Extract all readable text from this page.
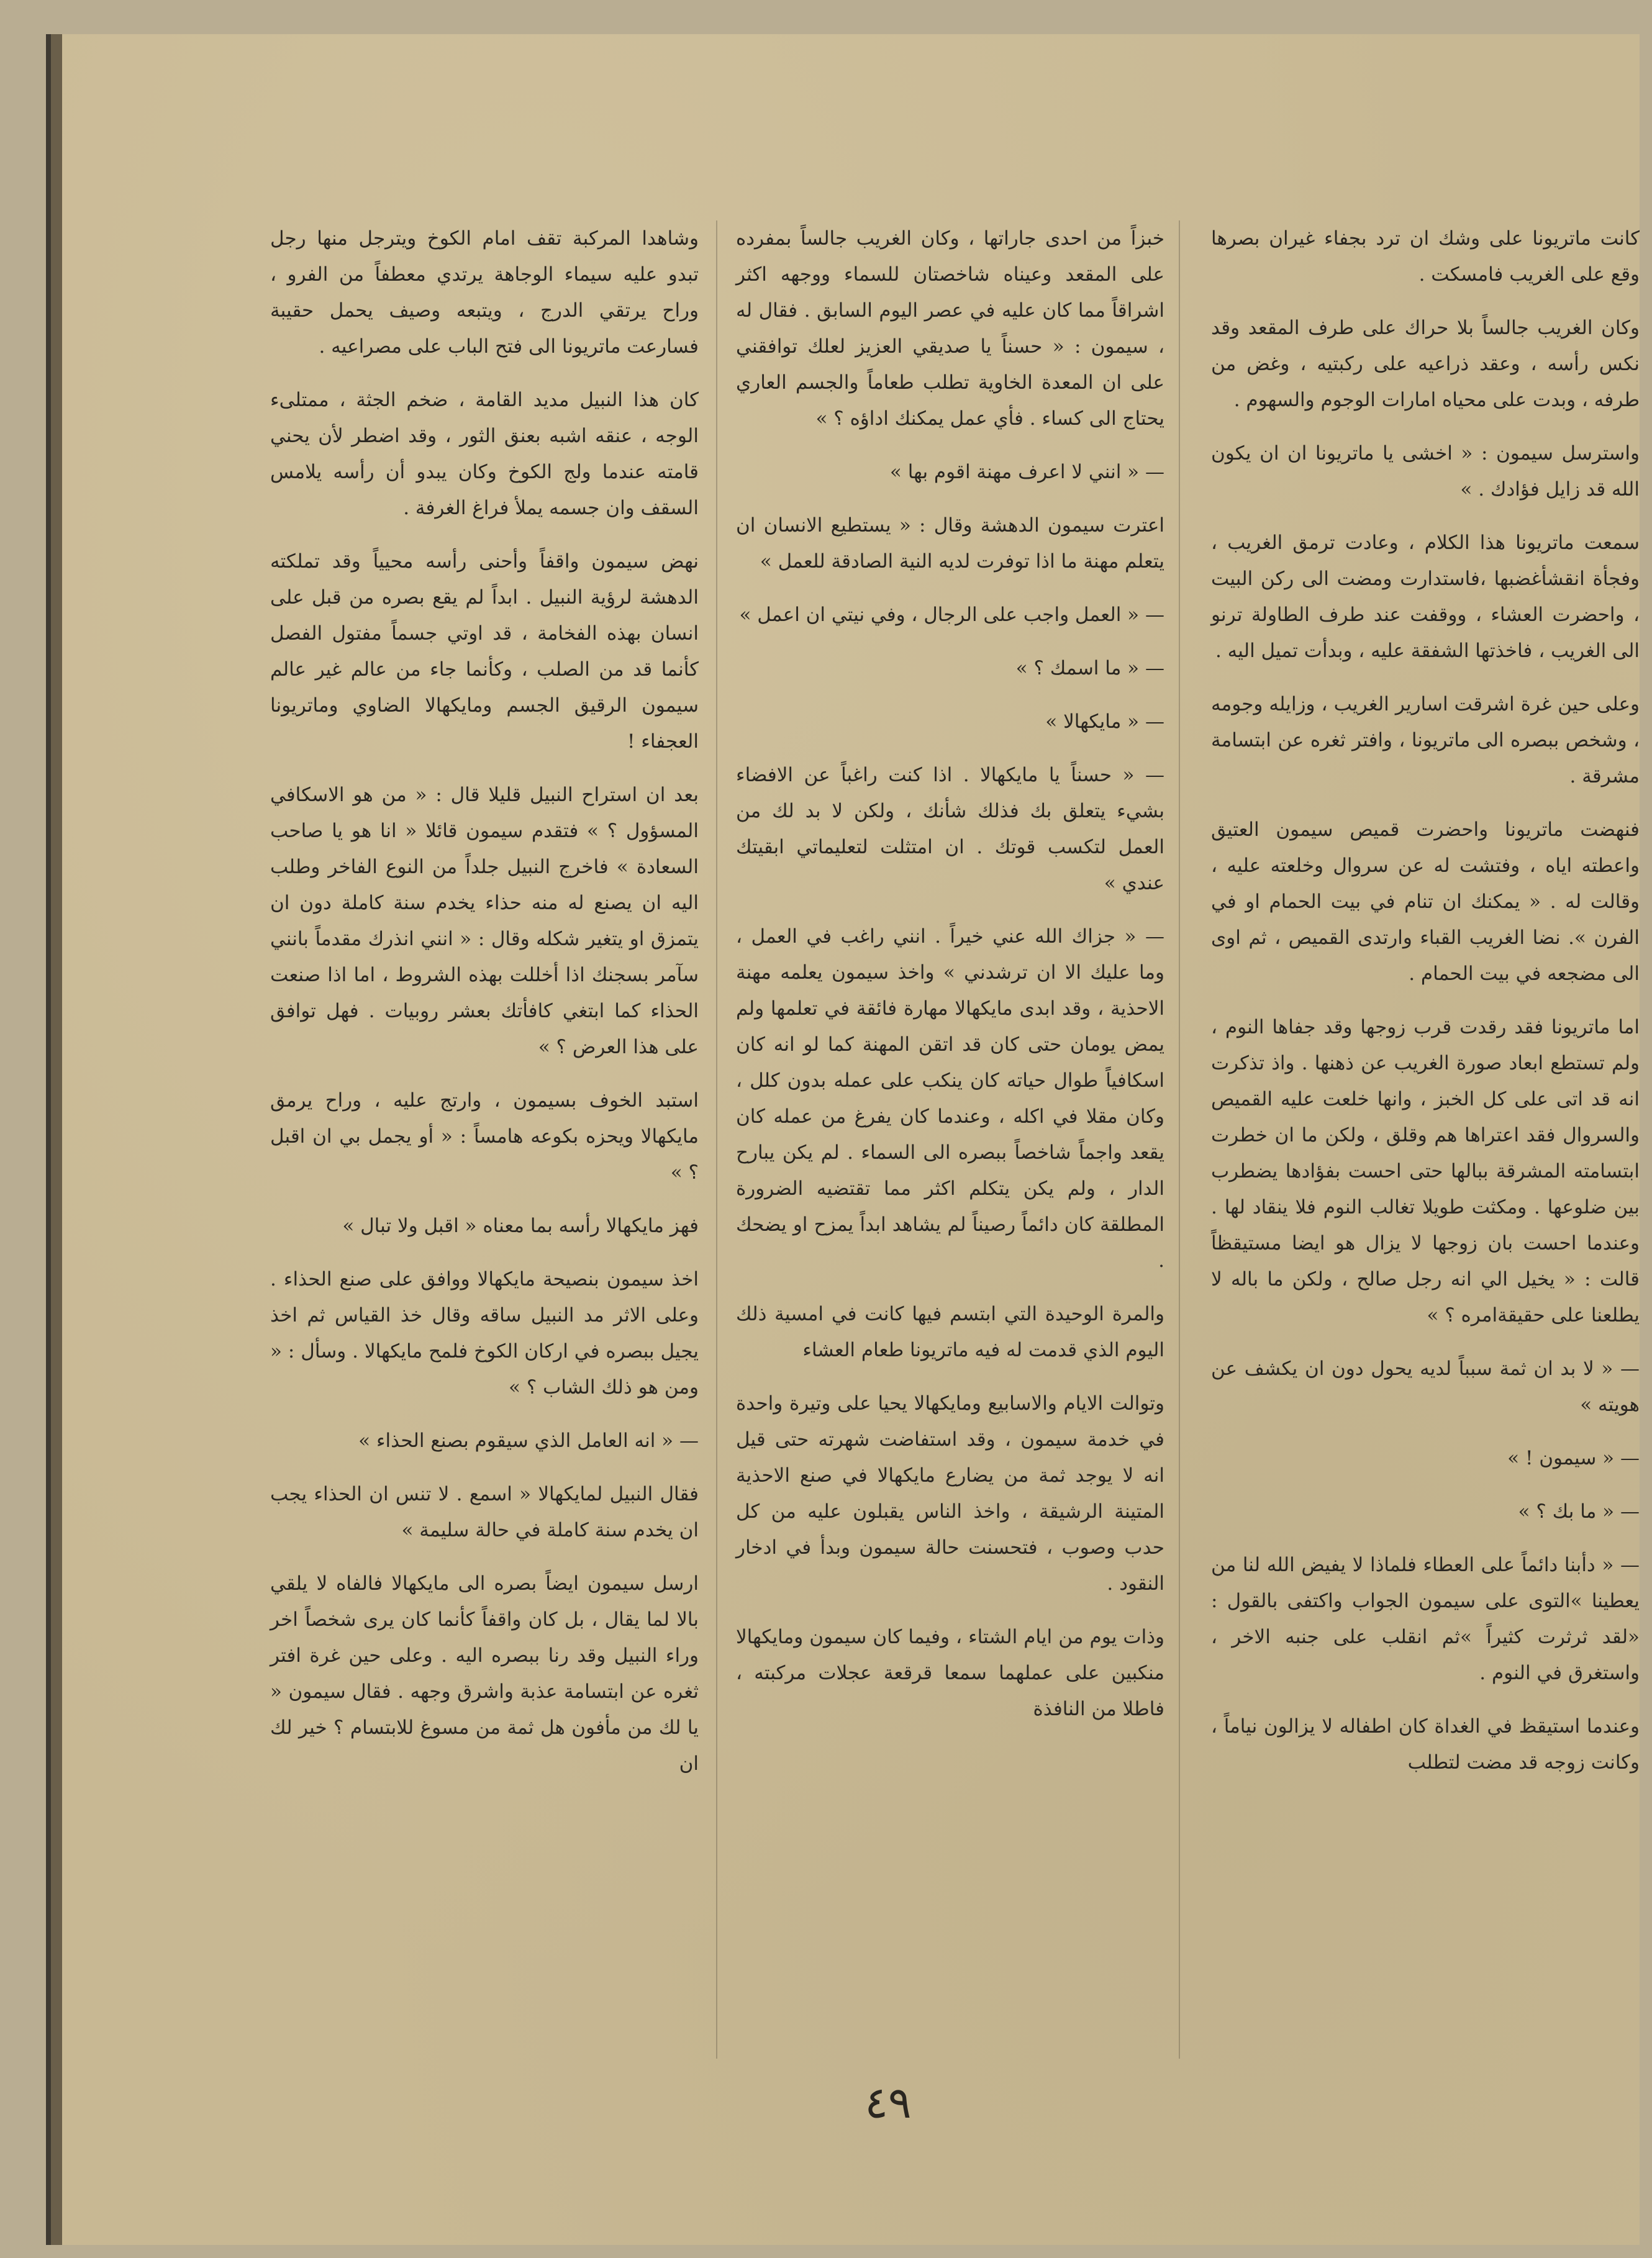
كانت ماتريونا على وشك ان ترد بجفاء غيران بصرها وقع على الغريب فامسكت .

وكان الغريب جالساً بلا حراك على طرف المقعد وقد نكس رأسه ، وعقد ذراعيه على ركبتيه ، وغض من طرفه ، وبدت على محياه امارات الوجوم والسهوم .

واسترسل سيمون : « اخشى يا ماتريونا ان ان يكون الله قد زايل فؤادك . »

سمعت ماتريونا هذا الكلام ، وعادت ترمق الغريب ، وفجأة انقشأغضبها ،فاستدارت ومضت الى ركن البيت ، واحضرت العشاء ، ووقفت عند طرف الطاولة ترنو الى الغريب ، فاخذتها الشفقة عليه ، وبدأت تميل اليه .

وعلى حين غرة اشرقت اسارير الغريب ، وزايله وجومه ، وشخص ببصره الى ماتريونا ، وافتر ثغره عن ابتسامة مشرقة .

فنهضت ماتريونا واحضرت قميص سيمون العتيق واعطته اياه ، وفتشت له عن سروال وخلعته عليه ، وقالت له . « يمكنك ان تنام في بيت الحمام او في الفرن ». نضا الغريب القباء وارتدى القميص ، ثم اوى الى مضجعه في بيت الحمام .

اما ماتريونا فقد رقدت قرب زوجها وقد جفاها النوم ، ولم تستطع ابعاد صورة الغريب عن ذهنها . واذ تذكرت انه قد اتى على كل الخبز ، وانها خلعت عليه القميص والسروال فقد اعتراها هم وقلق ، ولكن ما ان خطرت ابتسامته المشرقة ببالها حتى احست بفؤادها يضطرب بين ضلوعها . ومكثت طويلا تغالب النوم فلا ينقاد لها . وعندما احست بان زوجها لا يزال هو ايضا مستيقظاً قالت : « يخيل الي انه رجل صالح ، ولكن ما باله لا يطلعنا على حقيقةامره ؟ »

— « لا بد ان ثمة سبباً لديه يحول دون ان يكشف عن هويته »

— « سيمون ! »

— « ما بك ؟ »

— « دأبنا دائماً على العطاء فلماذا لا يفيض الله لنا من يعطينا »التوى على سيمون الجواب واكتفى بالقول : «لقد ثرثرت كثيراً »ثم انقلب على جنبه الاخر ، واستغرق في النوم .

وعندما استيقظ في الغداة كان اطفاله لا يزالون نياماً ، وكانت زوجه قد مضت لتطلب

خبزاً من احدى جاراتها ، وكان الغريب جالساً بمفرده على المقعد وعيناه شاخصتان للسماء ووجهه اكثر اشراقاً مما كان عليه في عصر اليوم السابق . فقال له ، سيمون : « حسناً يا صديقي العزيز لعلك توافقني على ان المعدة الخاوية تطلب طعاماً والجسم العاري يحتاج الى كساء . فأي عمل يمكنك اداؤه ؟ »

— « انني لا اعرف مهنة اقوم بها »

اعترت سيمون الدهشة وقال : « يستطيع الانسان ان يتعلم مهنة ما اذا توفرت لديه النية الصادقة للعمل »

— « العمل واجب على الرجال ، وفي نيتي ان اعمل »

— « ما اسمك ؟ »

— « مايكهالا »

— « حسناً يا مايكهالا . اذا كنت راغباً عن الافضاء بشيء يتعلق بك فذلك شأنك ، ولكن لا بد لك من العمل لتكسب قوتك . ان امتثلت لتعليماتي ابقيتك عندي »

— « جزاك الله عني خيراً . انني راغب في العمل ، وما عليك الا ان ترشدني » واخذ سيمون يعلمه مهنة الاحذية ، وقد ابدى مايكهالا مهارة فائقة في تعلمها ولم يمض يومان حتى كان قد اتقن المهنة كما لو انه كان اسكافياً طوال حياته كان ينكب على عمله بدون كلل ، وكان مقلا في اكله ، وعندما كان يفرغ من عمله كان يقعد واجماً شاخصاً ببصره الى السماء . لم يكن يبارح الدار ، ولم يكن يتكلم اكثر مما تقتضيه الضرورة المطلقة كان دائماً رصيناً لم يشاهد ابداً يمزح او يضحك .

والمرة الوحيدة التي ابتسم فيها كانت في امسية ذلك اليوم الذي قدمت له فيه ماتريونا طعام العشاء

وتوالت الايام والاسابيع ومايكهالا يحيا على وتيرة واحدة في خدمة سيمون ، وقد استفاضت شهرته حتى قيل انه لا يوجد ثمة من يضارع مايكهالا في صنع الاحذية المتينة الرشيقة ، واخذ الناس يقبلون عليه من كل حدب وصوب ، فتحسنت حالة سيمون وبدأ في ادخار النقود .

وذات يوم من ايام الشتاء ، وفيما كان سيمون ومايكهالا منكبين على عملهما سمعا قرقعة عجلات مركبته ، فاطلا من النافذة

وشاهدا المركبة تقف امام الكوخ ويترجل منها رجل تبدو عليه سيماء الوجاهة يرتدي معطفاً من الفرو ، وراح يرتقي الدرج ، ويتبعه وصيف يحمل حقيبة فسارعت ماتريونا الى فتح الباب على مصراعيه .

كان هذا النبيل مديد القامة ، ضخم الجثة ، ممتلىء الوجه ، عنقه اشبه بعنق الثور ، وقد اضطر لأن يحني قامته عندما ولج الكوخ وكان يبدو أن رأسه يلامس السقف وان جسمه يملأ فراغ الغرفة .

نهض سيمون واقفاً وأحنى رأسه محيياً وقد تملكته الدهشة لرؤية النبيل . ابداً لم يقع بصره من قبل على انسان بهذه الفخامة ، قد اوتي جسماً مفتول الفصل كأنما قد من الصلب ، وكأنما جاء من عالم غير عالم سيمون الرقيق الجسم ومايكهالا الضاوي وماتريونا العجفاء !

بعد ان استراح النبيل قليلا قال : « من هو الاسكافي المسؤول ؟ » فتقدم سيمون قائلا « انا هو يا صاحب السعادة » فاخرج النبيل جلداً من النوع الفاخر وطلب اليه ان يصنع له منه حذاء يخدم سنة كاملة دون ان يتمزق او يتغير شكله وقال : « انني انذرك مقدماً بانني سآمر بسجنك اذا أخللت بهذه الشروط ، اما اذا صنعت الحذاء كما ابتغي كافأتك بعشر روبيات . فهل توافق على هذا العرض ؟ »

استبد الخوف بسيمون ، وارتج عليه ، وراح يرمق مايكهالا ويحزه بكوعه هامساً : « أو يجمل بي ان اقبل ؟ »

فهز مايكهالا رأسه بما معناه « اقبل ولا تبال »

اخذ سيمون بنصيحة مايكهالا ووافق على صنع الحذاء . وعلى الاثر مد النبيل ساقه وقال خذ القياس ثم اخذ يجيل ببصره في اركان الكوخ فلمح مايكهالا . وسأل : « ومن هو ذلك الشاب ؟ »

— « انه العامل الذي سيقوم بصنع الحذاء »

فقال النبيل لمايكهالا « اسمع . لا تنس ان الحذاء يجب ان يخدم سنة كاملة في حالة سليمة »

ارسل سيمون ايضاً بصره الى مايكهالا فالفاه لا يلقي بالا لما يقال ، بل كان واقفاً كأنما كان يرى شخصاً اخر وراء النبيل وقد رنا ببصره اليه . وعلى حين غرة افتر ثغره عن ابتسامة عذبة واشرق وجهه . فقال سيمون « يا لك من مأفون هل ثمة من مسوغ للابتسام ؟ خير لك ان

٤٩
